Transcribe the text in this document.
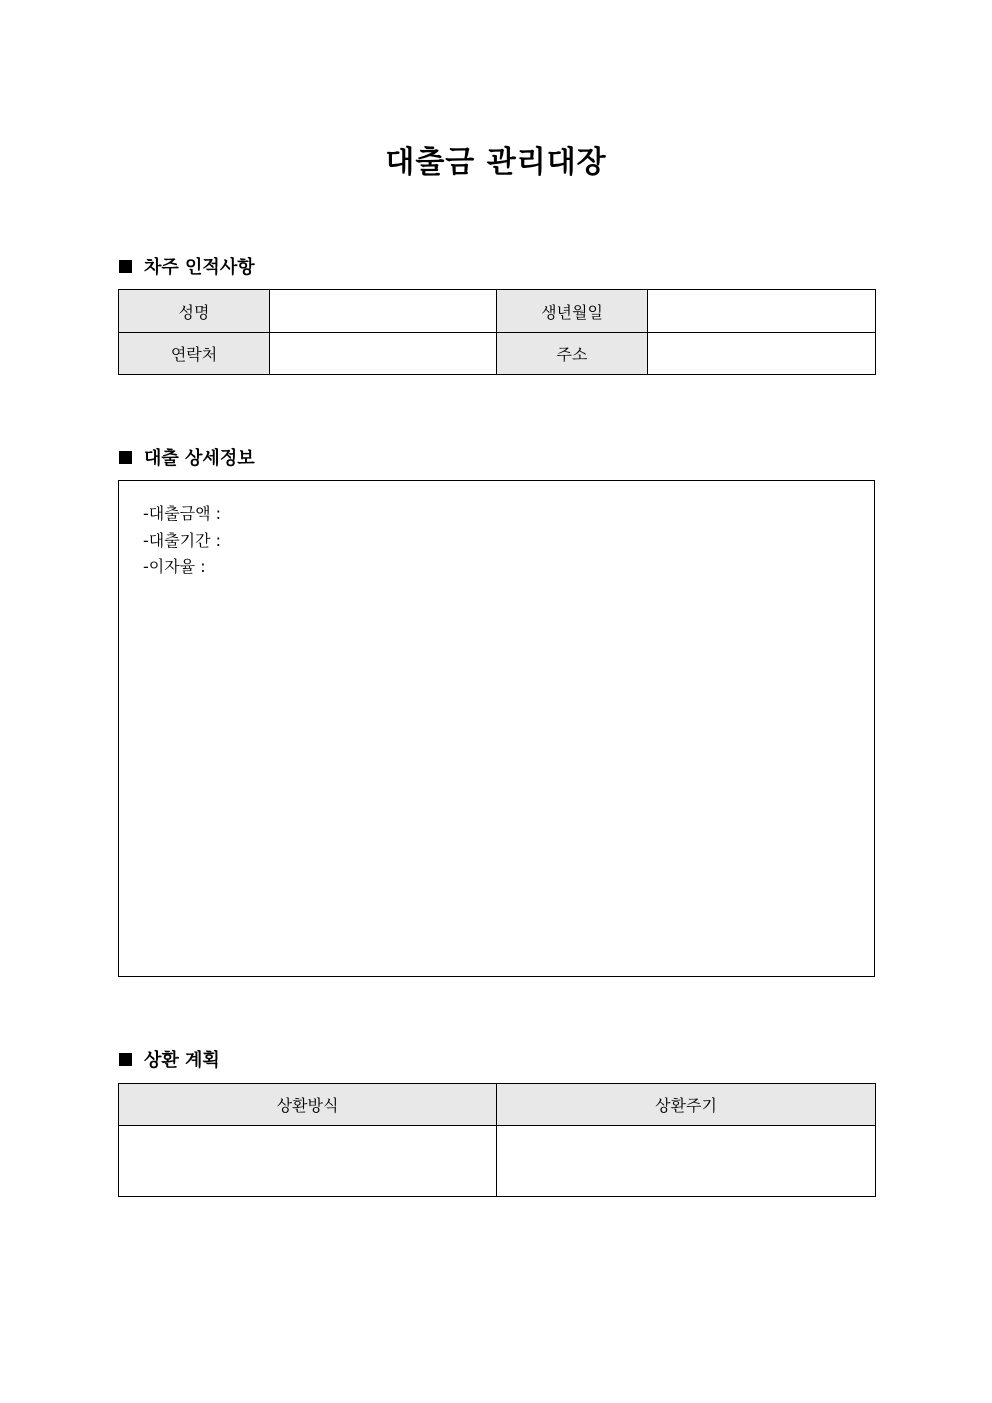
대출금 관리대장
차주 인적사항
성명		생년월일	
연락처		주소	
대출 상세정보
-대출금액 :
-대출기간 :
-이자율 :
상환 계획
상환방식	상환주기
